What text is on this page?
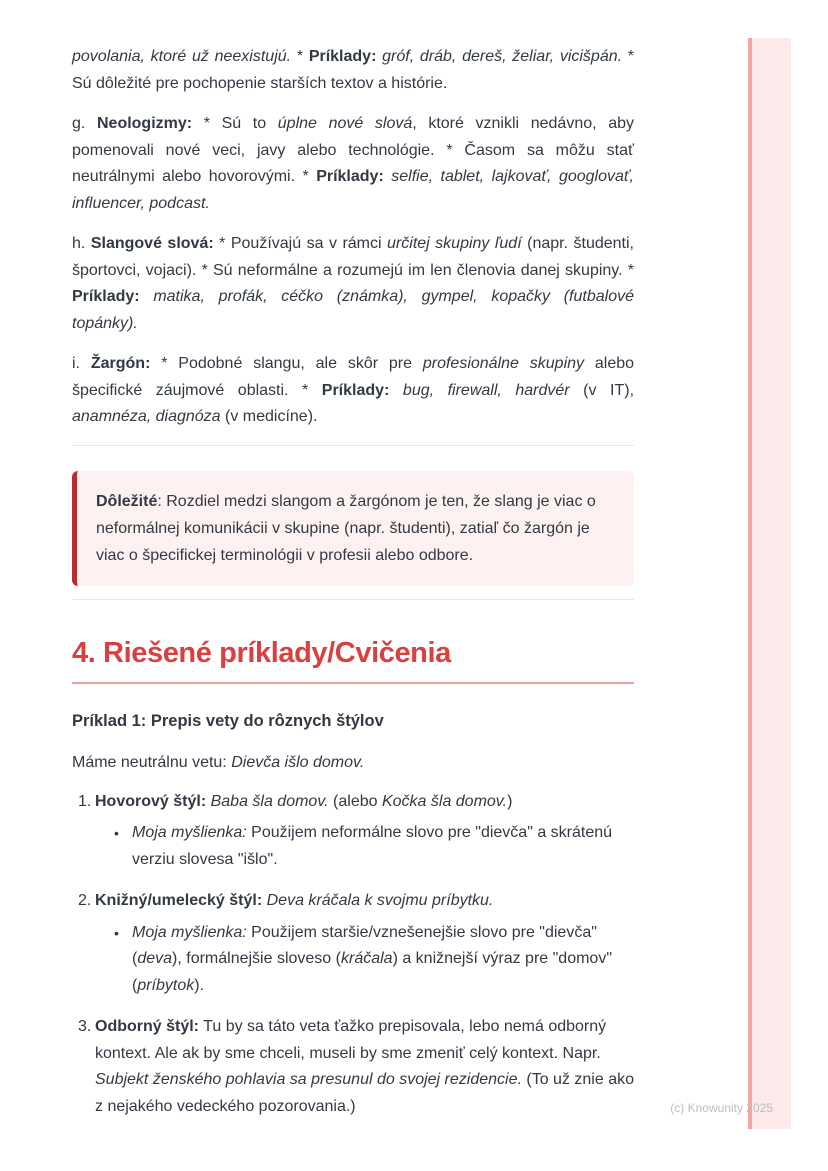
povolania, ktoré už neexistujú. * Príklady: gróf, dráb, dereš, želiar, vicišpán. * Sú dôležité pre pochopenie starších textov a histórie.

g. Neologizmy: * Sú to úplne nové slová, ktoré vznikli nedávno, aby pomenovali nové veci, javy alebo technológie. * Časom sa môžu stať neutrálnymi alebo hovorovými. * Príklady: selfie, tablet, lajkovať, googlovať, influencer, podcast.

h. Slangové slová: * Používajú sa v rámci určitej skupiny ľudí (napr. študenti, športovci, vojaci). * Sú neformálne a rozumejú im len členovia danej skupiny. * Príklady: matika, profák, céčko (známka), gympel, kopačky (futbalové topánky).

i. Žargón: * Podobné slangu, ale skôr pre profesionálne skupiny alebo špecifické záujmové oblasti. * Príklady: bug, firewall, hardvér (v IT), anamnéza, diagnóza (v medicíne).

Dôležité: Rozdiel medzi slangom a žargónom je ten, že slang je viac o neformálnej komunikácii v skupine (napr. študenti), zatiaľ čo žargón je viac o špecifickej terminológii v profesii alebo odbore.

4. Riešené príklady/Cvičenia

Príklad 1: Prepis vety do rôznych štýlov

Máme neutrálnu vetu: Dievča išlo domov.

1. Hovorový štýl: Baba šla domov. (alebo Kočka šla domov.)
• Moja myšlienka: Použijem neformálne slovo pre "dievča" a skrátenú verziu slovesa "išlo".
2. Knižný/umelecký štýl: Deva kráčala k svojmu príbytku.
• Moja myšlienka: Použijem staršie/vznešenejšie slovo pre "dievča" (deva), formálnejšie sloveso (kráčala) a knižnejší výraz pre "domov" (príbytok).
3. Odborný štýl: Tu by sa táto veta ťažko prepisovala, lebo nemá odborný kontext. Ale ak by sme chceli, museli by sme zmeniť celý kontext. Napr. Subjekt ženského pohlavia sa presunul do svojej rezidencie. (To už znie ako z nejakého vedeckého pozorovania.)	(c) Knowunity 2025
